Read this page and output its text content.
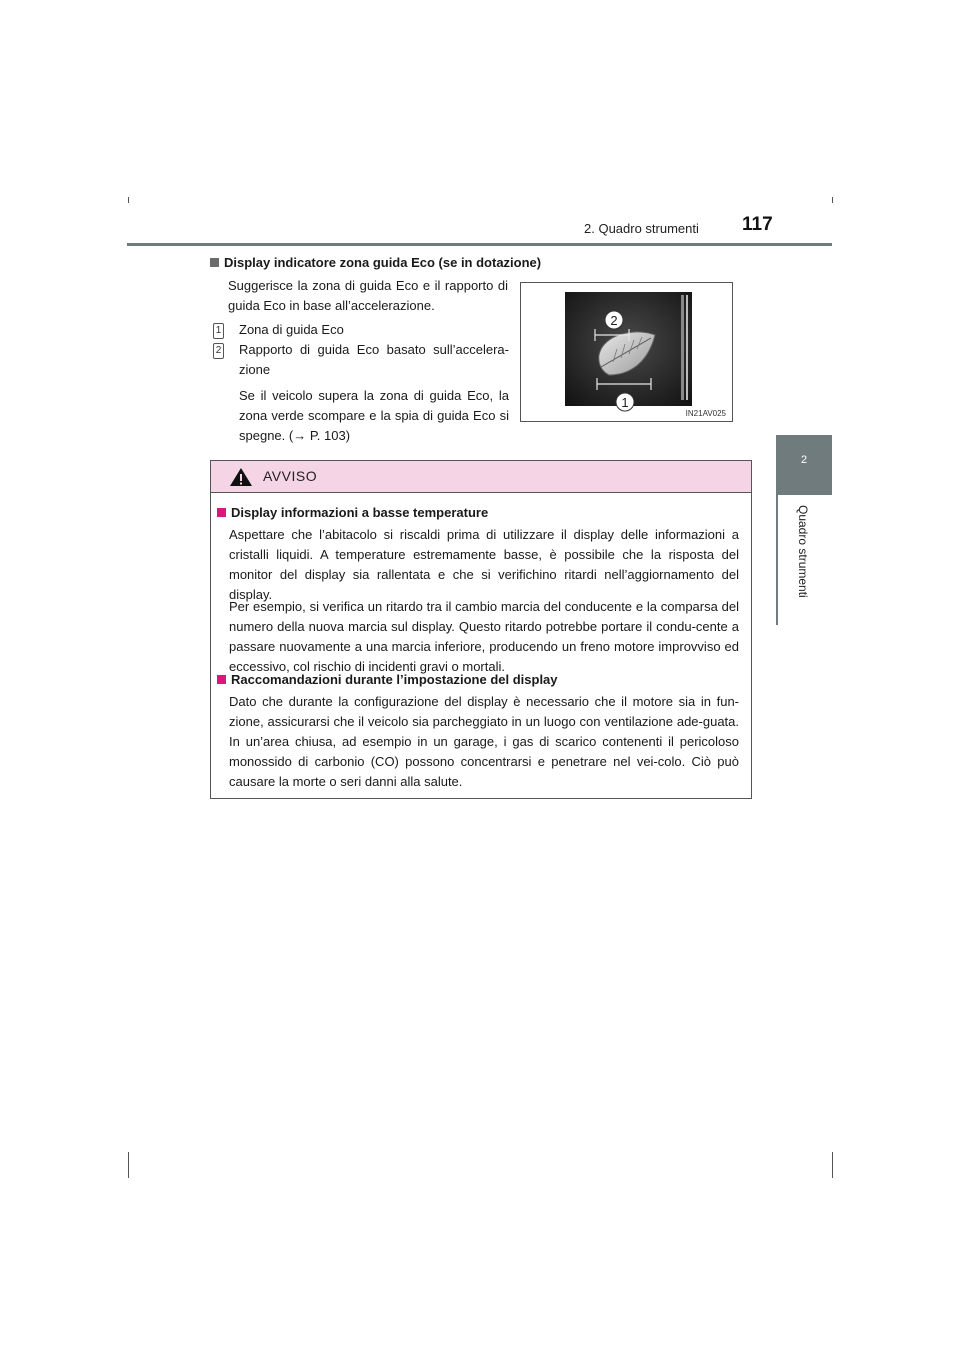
2. Quadro strumenti 117
2
Quadro strumenti
Display indicatore zona guida Eco (se in dotazione)

Suggerisce la zona di guida Eco e il rapporto di guida Eco in base all’accelerazione.

1 Zona di guida Eco

2 Rapporto di guida Eco basato sull’accelera-zione

Se il veicolo supera la zona di guida Eco, la zona verde scompare e la spia di guida Eco si spegne. (→ P. 103)

2
1
IN21AV025
AVVISO
Display informazioni a basse temperature

Aspettare che l’abitacolo si riscaldi prima di utilizzare il display delle informazioni a cristalli liquidi. A temperature estremamente basse, è possibile che la risposta del monitor del display sia rallentata e che si verifichino ritardi nell’aggiornamento del display.

Per esempio, si verifica un ritardo tra il cambio marcia del conducente e la comparsa del numero della nuova marcia sul display. Questo ritardo potrebbe portare il condu-cente a passare nuovamente a una marcia inferiore, producendo un freno motore improvviso ed eccessivo, col rischio di incidenti gravi o mortali.

Raccomandazioni durante l’impostazione del display

Dato che durante la configurazione del display è necessario che il motore sia in fun-zione, assicurarsi che il veicolo sia parcheggiato in un luogo con ventilazione ade-guata. In un’area chiusa, ad esempio in un garage, i gas di scarico contenenti il pericoloso monossido di carbonio (CO) possono concentrarsi e penetrare nel vei-colo. Ciò può causare la morte o seri danni alla salute.
